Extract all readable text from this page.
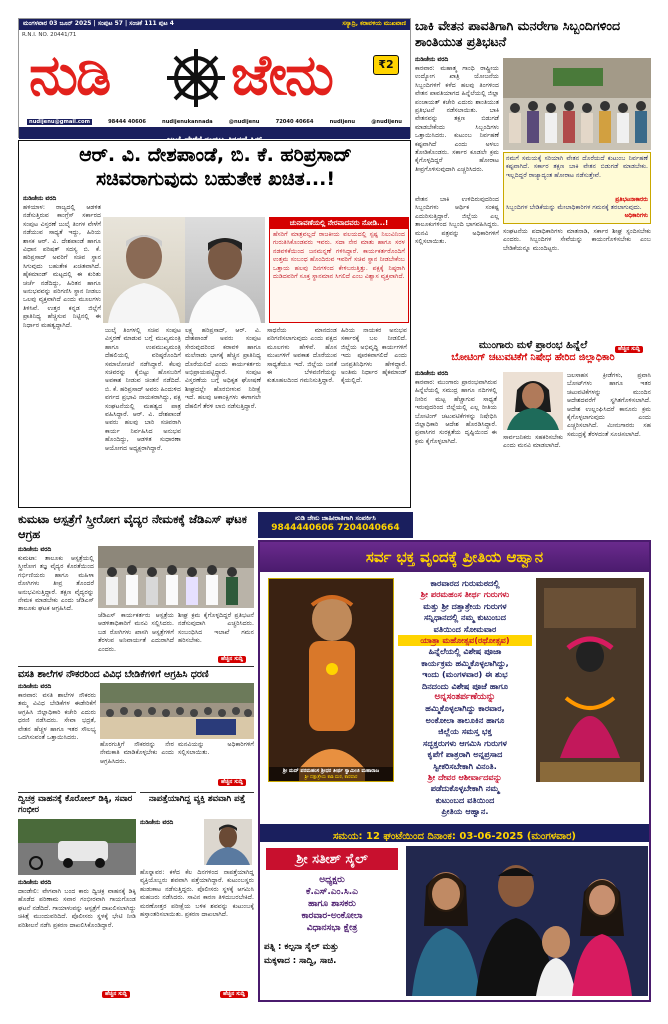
ಮಂಗಳವಾರ 03 ಜೂನ್ 2025 | ಸಂಪುಟ 57 | ಸಂಚಿಕೆ 111 ಪುಟ 4	ಸಸ್ಯಾದ್ರಿ, ಕರಾವಳಿಯ ಮುಖವಾಣಿ
R.N.I. NO. 20441/71
ನುಡಿ ಜೇನು	₹2
nudijenu@gmail.com	98444 40606	nudijenukannada	@nudijenu	72040 40664	nudijenu	@nudijenu
ಜುಲೈ ವೇಳೆಗೆ ಸಂಪುಟ ವಿಸ್ತರಣೆ ಫಿಕ್ಸ್
ಆರ್. ವಿ. ದೇಶಪಾಂಡೆ, ಬಿ. ಕೆ. ಹರಿಪ್ರಸಾದ್
ಸಚಿವರಾಗುವುದು ಬಹುತೇಕ ಖಚಿತ...!
ನುಡಿಜೇನು ವರದಿ
ಹಳಿಯಾಳ: ರಾಜ್ಯದಲ್ಲಿ ಆಡಳಿತ ನಡೆಸುತ್ತಿರುವ ಕಾಂಗ್ರೆಸ್ ಸರ್ಕಾರದ ಸಂಪುಟ ವಿಸ್ತರಣೆ ಜುಲೈ ತಿಂಗಳ ವೇಳೆಗೆ ನಡೆಯುವ ಸಾಧ್ಯತೆ ಇದ್ದು, ಹಿರಿಯ ಶಾಸಕ ಆರ್. ವಿ. ದೇಶಪಾಂಡೆ ಹಾಗೂ ವಿಧಾನ ಪರಿಷತ್ ಸದಸ್ಯ ಬಿ. ಕೆ. ಹರಿಪ್ರಸಾದ್ ಅವರಿಗೆ ಸಚಿವ ಸ್ಥಾನ ಸಿಗುವುದು ಬಹುತೇಕ ಖಚಿತವಾಗಿದೆ. ಹೈಕಮಾಂಡ್ ಮಟ್ಟದಲ್ಲಿ ಈ ಕುರಿತು ಚರ್ಚೆ ನಡೆದಿದ್ದು, ಹಿರಿತನ ಹಾಗೂ ಅನುಭವವನ್ನು ಪರಿಗಣಿಸಿ ಸ್ಥಾನ ನೀಡಲು ಒಲವು ವ್ಯಕ್ತವಾಗಿದೆ ಎಂದು ಮೂಲಗಳು ತಿಳಿಸಿವೆ. ಉತ್ತರ ಕನ್ನಡ ಜಿಲ್ಲೆಗೆ ಪ್ರಾತಿನಿಧ್ಯ ಹೆಚ್ಚಿಸುವ ನಿಟ್ಟಿನಲ್ಲಿ ಈ ನಿರ್ಧಾರ ಮಹತ್ವದ್ದಾಗಿದೆ.
ಚುನಾವಣೆಯಲ್ಲಿ ನೇರವಾದವರು ನೋಡಿ...!
ಹೆಸರಿಗೆ ಮಾತ್ರವಲ್ಲದೆ ರಾಜಕೀಯ ವಲಯದಲ್ಲಿ ಸ್ಪಷ್ಟ ನಿಲುವಿನಿಂದ ಗುರುತಿಸಿಕೊಂಡವರು ಇವರು. ಸದಾ ನೇರ ಮಾತು ಹಾಗೂ ಸರಳ ನಡವಳಿಕೆಯಿಂದ ಜನಮನ್ನಣೆ ಗಳಿಸಿದ್ದಾರೆ. ಕಾರ್ಯಕರ್ತರೊಂದಿಗೆ ಉತ್ತಮ ಸಂಬಂಧ ಹೊಂದಿರುವ ಇವರಿಗೆ ಸಚಿವ ಸ್ಥಾನ ನೀಡಬೇಕೆಂಬ ಒತ್ತಾಯ ಹಲವು ದಿನಗಳಿಂದ ಕೇಳಿಬರುತ್ತಿತ್ತು. ಪಕ್ಷಕ್ಕೆ ನಿಷ್ಠರಾಗಿ ದುಡಿದವರಿಗೆ ಸೂಕ್ತ ಸ್ಥಾನಮಾನ ಸಿಗಲಿದೆ ಎಂಬ ವಿಶ್ವಾಸ ವ್ಯಕ್ತವಾಗಿದೆ.
ಜುಲೈ ತಿಂಗಳಲ್ಲಿ ಸಚಿವ ಸಂಪುಟ ವಿಸ್ತರಣೆ ಮಾಡುವ ಬಗ್ಗೆ ಮುಖ್ಯಮಂತ್ರಿ ಹಾಗೂ ಉಪಮುಖ್ಯಮಂತ್ರಿ ದೆಹಲಿಯಲ್ಲಿ ವರಿಷ್ಠರೊಂದಿಗೆ ಸಮಾಲೋಚನೆ ನಡೆಸಿದ್ದಾರೆ. ಕೆಲವು ಸಚಿವರನ್ನು ಕೈಬಿಟ್ಟು ಹೊಸಬರಿಗೆ ಅವಕಾಶ ನೀಡುವ ಚಿಂತನೆ ನಡೆದಿದೆ. ಬಿ. ಕೆ. ಹರಿಪ್ರಸಾದ್ ಅವರು ಹಿಂದುಳಿದ ವರ್ಗದ ಪ್ರಭಾವಿ ನಾಯಕರಾಗಿದ್ದು, ಪಕ್ಷ ಸಂಘಟನೆಯಲ್ಲಿ ಮಹತ್ವದ ಪಾತ್ರ ವಹಿಸಿದ್ದಾರೆ. ಆರ್. ವಿ. ದೇಶಪಾಂಡೆ ಅವರು ಹಲವು ಬಾರಿ ಸಚಿವರಾಗಿ ಕಾರ್ಯ ನಿರ್ವಹಿಸಿದ ಅನುಭವ ಹೊಂದಿದ್ದು, ಆಡಳಿತ ಸುಧಾರಣಾ ಆಯೋಗದ ಅಧ್ಯಕ್ಷರಾಗಿದ್ದಾರೆ.
ಲಕ್ಷ್ಯ ಹರಿಪ್ರಸಾದ್, ಆರ್. ವಿ. ದೇಶಪಾಂಡೆ ಅವರು ಸಂಪುಟ ಸೇರುವುದರಿಂದ ಕರಾವಳಿ ಹಾಗೂ ಮಲೆನಾಡು ಭಾಗಕ್ಕೆ ಹೆಚ್ಚಿನ ಪ್ರಾತಿನಿಧ್ಯ ದೊರೆಯಲಿದೆ ಎಂದು ಕಾರ್ಯಕರ್ತರು ಅಭಿಪ್ರಾಯಪಟ್ಟಿದ್ದಾರೆ. ಸಂಪುಟ ವಿಸ್ತರಣೆಯ ಬಗ್ಗೆ ಅಧಿಕೃತ ಘೋಷಣೆ ಶೀಘ್ರದಲ್ಲೇ ಹೊರಬೀಳುವ ನಿರೀಕ್ಷೆ ಇದೆ. ಹಲವು ಆಕಾಂಕ್ಷಿಗಳು ಈಗಾಗಲೇ ದೆಹಲಿಗೆ ತೆರಳಿ ಲಾಬಿ ನಡೆಸುತ್ತಿದ್ದಾರೆ.
ಸಾಧನೆಯ ಮಾನದಂಡ ಪರಿಗಣಿಸಲಾಗುವುದು ಎಂದು ಪಕ್ಷದ ಮೂಲಗಳು ಹೇಳಿವೆ. ಹೊಸ ಮುಖಗಳಿಗೆ ಅವಕಾಶ ದೊರೆಯುವ ಸಾಧ್ಯತೆಯೂ ಇದೆ. ಜಿಲ್ಲೆಯ ಜನತೆ ಈ ಬೆಳವಣಿಗೆಯನ್ನು ಕುತೂಹಲದಿಂದ ಗಮನಿಸುತ್ತಿದ್ದಾರೆ.
ಹಿರಿಯ ನಾಯಕರ ಅನುಭವ ಸರ್ಕಾರಕ್ಕೆ ಬಲ ನೀಡಲಿದೆ. ಜಿಲ್ಲೆಯ ಅಭಿವೃದ್ಧಿ ಕಾರ್ಯಗಳಿಗೆ ಇದು ಪೂರಕವಾಗಲಿದೆ ಎಂದು ಜನಪ್ರತಿನಿಧಿಗಳು ಹೇಳಿದ್ದಾರೆ. ಅಂತಿಮ ನಿರ್ಧಾರ ಹೈಕಮಾಂಡ್ ಕೈಯಲ್ಲಿದೆ.
ಬಾಕಿ ವೇತನ ಪಾವತಿಗಾಗಿ ಮನರೇಗಾ ಸಿಬ್ಬಂದಿಗಳಿಂದ ಶಾಂತಿಯುತ ಪ್ರತಿಭಟನೆ
ನುಡಿಜೇನು ವರದಿ
ಕಾರವಾರ: ಮಹಾತ್ಮ ಗಾಂಧಿ ರಾಷ್ಟ್ರೀಯ ಉದ್ಯೋಗ ಖಾತ್ರಿ ಯೋಜನೆಯ ಸಿಬ್ಬಂದಿಗಳಿಗೆ ಕಳೆದ ಹಲವು ತಿಂಗಳಿಂದ ವೇತನ ಪಾವತಿಯಾಗದ ಹಿನ್ನೆಲೆಯಲ್ಲಿ ಜಿಲ್ಲಾ ಪಂಚಾಯತ್ ಕಚೇರಿ ಎದುರು ಶಾಂತಿಯುತ ಪ್ರತಿಭಟನೆ ನಡೆಸಲಾಯಿತು. ಬಾಕಿ ವೇತನವನ್ನು ತಕ್ಷಣ ಬಿಡುಗಡೆ ಮಾಡಬೇಕೆಂದು ಸಿಬ್ಬಂದಿಗಳು ಒತ್ತಾಯಿಸಿದರು. ಕುಟುಂಬ ನಿರ್ವಹಣೆ ಕಷ್ಟವಾಗಿದೆ ಎಂದು ಅಳಲು ತೋಡಿಕೊಂಡರು. ಸರ್ಕಾರ ಕೂಡಲೇ ಕ್ರಮ ಕೈಗೊಳ್ಳದಿದ್ದರೆ ಹೋರಾಟ ತೀವ್ರಗೊಳಿಸುವುದಾಗಿ ಎಚ್ಚರಿಸಿದರು.
ನಮಗೆ ಸಮಯಕ್ಕೆ ಸರಿಯಾಗಿ ವೇತನ ದೊರೆಯದೆ ಕುಟುಂಬ ನಿರ್ವಹಣೆ ಕಷ್ಟವಾಗಿದೆ. ಸರ್ಕಾರ ತಕ್ಷಣ ಬಾಕಿ ವೇತನ ಬಿಡುಗಡೆ ಮಾಡಬೇಕು. ಇಲ್ಲದಿದ್ದರೆ ರಾಜ್ಯಾದ್ಯಂತ ಹೋರಾಟ ನಡೆಸುತ್ತೇವೆ.
ಪ್ರತಿಭಟನಾಕಾರರು
ಸಿಬ್ಬಂದಿಗಳ ಬೇಡಿಕೆಯನ್ನು ಮೇಲಾಧಿಕಾರಿಗಳ ಗಮನಕ್ಕೆ ತರಲಾಗುವುದು.
ಅಧಿಕಾರಿಗಳು
ವೇತನ ಬಾಕಿ ಉಳಿದಿರುವುದರಿಂದ ಸಿಬ್ಬಂದಿಗಳು ಆರ್ಥಿಕ ಸಂಕಷ್ಟ ಎದುರಿಸುತ್ತಿದ್ದಾರೆ. ಜಿಲ್ಲೆಯ ಎಲ್ಲ ತಾಲೂಕುಗಳಿಂದ ಸಿಬ್ಬಂದಿ ಭಾಗವಹಿಸಿದ್ದರು. ಮನವಿ ಪತ್ರವನ್ನು ಅಧಿಕಾರಿಗಳಿಗೆ ಸಲ್ಲಿಸಲಾಯಿತು.
ಸಂಘಟನೆಯ ಪದಾಧಿಕಾರಿಗಳು ಮಾತನಾಡಿ, ಸರ್ಕಾರ ಶೀಘ್ರ ಸ್ಪಂದಿಸಬೇಕು ಎಂದರು. ಸಿಬ್ಬಂದಿಗಳ ಸೇವೆಯನ್ನು ಕಾಯಂಗೊಳಿಸಬೇಕು ಎಂಬ ಬೇಡಿಕೆಯನ್ನೂ ಮುಂದಿಟ್ಟರು.
ಹೆಚ್ಚಿನ ಸುದ್ದಿ
ಮುಂಗಾರು ಮಳೆ ಪ್ರಾರಂಭ ಹಿನ್ನೆಲೆ
ಬೋಟಿಂಗ್ ಚಟುವಟಿಕೆಗೆ ನಿಷೇಧ ಹೇರಿದ ಜಿಲ್ಲಾಧಿಕಾರಿ
ನುಡಿಜೇನು ವರದಿ
ಕಾರವಾರ: ಮುಂಗಾರು ಪ್ರಾರಂಭವಾಗಿರುವ ಹಿನ್ನೆಲೆಯಲ್ಲಿ ಸಮುದ್ರ ಹಾಗೂ ನದಿಗಳಲ್ಲಿ ನೀರಿನ ಮಟ್ಟ ಹೆಚ್ಚಾಗುವ ಸಾಧ್ಯತೆ ಇರುವುದರಿಂದ ಜಿಲ್ಲೆಯಲ್ಲಿ ಎಲ್ಲ ರೀತಿಯ ಬೋಟಿಂಗ್ ಚಟುವಟಿಕೆಗಳನ್ನು ನಿಷೇಧಿಸಿ ಜಿಲ್ಲಾಧಿಕಾರಿ ಆದೇಶ ಹೊರಡಿಸಿದ್ದಾರೆ. ಪ್ರವಾಸಿಗರ ಸುರಕ್ಷತೆಯ ದೃಷ್ಟಿಯಿಂದ ಈ ಕ್ರಮ ಕೈಗೊಳ್ಳಲಾಗಿದೆ.
ಜಲಸಾಹಸ ಕ್ರೀಡೆಗಳು, ಪ್ರವಾಸಿ ಬೋಟ್‌ಗಳು ಹಾಗೂ ಇತರ ಚಟುವಟಿಕೆಗಳನ್ನು ಮುಂದಿನ ಆದೇಶದವರೆಗೆ ಸ್ಥಗಿತಗೊಳಿಸಲಾಗಿದೆ. ಆದೇಶ ಉಲ್ಲಂಘಿಸಿದರೆ ಕಾನೂನು ಕ್ರಮ ಕೈಗೊಳ್ಳಲಾಗುವುದು ಎಂದು ಎಚ್ಚರಿಸಲಾಗಿದೆ. ಮೀನುಗಾರರು ಸಹ ಸಮುದ್ರಕ್ಕೆ ತೆರಳದಂತೆ ಸೂಚಿಸಲಾಗಿದೆ.
ಸಾರ್ವಜನಿಕರು ಸಹಕರಿಸಬೇಕು ಎಂದು ಮನವಿ ಮಾಡಲಾಗಿದೆ.
ಕುಮಟಾ ಆಸ್ಪತ್ರೆಗೆ ಸ್ತ್ರೀರೋಗ ವೈದ್ಯರ ನೇಮಕಕ್ಕೆ ಜೆಡಿಎಸ್ ಘಟಕ ಆಗ್ರಹ
ನುಡಿಜೇನು ವರದಿ
ಕುಮಟಾ: ತಾಲೂಕು ಆಸ್ಪತ್ರೆಯಲ್ಲಿ ಸ್ತ್ರೀರೋಗ ತಜ್ಞ ವೈದ್ಯರ ಕೊರತೆಯಿಂದ ಗರ್ಭಿಣಿಯರು ಹಾಗೂ ಮಹಿಳಾ ರೋಗಿಗಳು ತೀವ್ರ ತೊಂದರೆ ಅನುಭವಿಸುತ್ತಿದ್ದಾರೆ. ತಕ್ಷಣ ವೈದ್ಯರನ್ನು ನೇಮಕ ಮಾಡಬೇಕು ಎಂದು ಜೆಡಿಎಸ್ ತಾಲೂಕು ಘಟಕ ಆಗ್ರಹಿಸಿದೆ.
ಜೆಡಿಎಸ್ ಕಾರ್ಯಕರ್ತರು ಆಸ್ಪತ್ರೆಯ ಆಡಳಿತಾಧಿಕಾರಿಗೆ ಮನವಿ ಸಲ್ಲಿಸಿದರು. ಬಡ ರೋಗಿಗಳು ಖಾಸಗಿ ಆಸ್ಪತ್ರೆಗಳಿಗೆ ತೆರಳುವ ಅನಿವಾರ್ಯತೆ ಎದುರಾಗಿದೆ ಎಂದರು.
ಶೀಘ್ರ ಕ್ರಮ ಕೈಗೊಳ್ಳದಿದ್ದರೆ ಪ್ರತಿಭಟನೆ ನಡೆಸುವುದಾಗಿ ಎಚ್ಚರಿಸಿದರು. ಸಂಬಂಧಿಸಿದ ಇಲಾಖೆ ಗಮನ ಹರಿಸಬೇಕು.
ಹೆಚ್ಚಿನ ಸುದ್ದಿ
ವಸತಿ ಶಾಲೆಗಳ ನೌಕರರಿಂದ ವಿವಿಧ ಬೇಡಿಕೆಗಳಿಗೆ ಆಗ್ರಹಿಸಿ ಧರಣಿ
ನುಡಿಜೇನು ವರದಿ
ಕಾರವಾರ: ವಸತಿ ಶಾಲೆಗಳ ನೌಕರರು ತಮ್ಮ ವಿವಿಧ ಬೇಡಿಕೆಗಳ ಈಡೇರಿಕೆಗೆ ಆಗ್ರಹಿಸಿ ಜಿಲ್ಲಾಧಿಕಾರಿ ಕಚೇರಿ ಎದುರು ಧರಣಿ ನಡೆಸಿದರು. ಸೇವಾ ಭದ್ರತೆ, ವೇತನ ಹೆಚ್ಚಳ ಹಾಗೂ ಇತರ ಸೌಲಭ್ಯ ಒದಗಿಸುವಂತೆ ಒತ್ತಾಯಿಸಿದರು.
ಹೊರಗುತ್ತಿಗೆ ನೌಕರರನ್ನು ನೇರ ನೇಮಕಾತಿ ಮಾಡಿಕೊಳ್ಳಬೇಕು ಎಂದು ಆಗ್ರಹಿಸಿದರು.
ಮನವಿಯನ್ನು ಅಧಿಕಾರಿಗಳಿಗೆ ಸಲ್ಲಿಸಲಾಯಿತು.
ಹೆಚ್ಚಿನ ಸುದ್ದಿ
ದ್ವಿಚಕ್ರ ವಾಹನಕ್ಕೆ ಕೊರೋಲ್ ಡಿಕ್ಕಿ, ಸವಾರ ಗಂಭೀರ
ನುಡಿಜೇನು ವರದಿ
ದಾಂಡೇಲಿ: ವೇಗವಾಗಿ ಬಂದ ಕಾರು ದ್ವಿಚಕ್ರ ವಾಹನಕ್ಕೆ ಡಿಕ್ಕಿ ಹೊಡೆದ ಪರಿಣಾಮ ಸವಾರ ಗಂಭೀರವಾಗಿ ಗಾಯಗೊಂಡ ಘಟನೆ ನಡೆದಿದೆ. ಗಾಯಾಳುವನ್ನು ಆಸ್ಪತ್ರೆಗೆ ದಾಖಲಿಸಲಾಗಿದ್ದು ಚಿಕಿತ್ಸೆ ಮುಂದುವರಿದಿದೆ. ಪೊಲೀಸರು ಸ್ಥಳಕ್ಕೆ ಭೇಟಿ ನೀಡಿ ಪರಿಶೀಲನೆ ನಡೆಸಿ ಪ್ರಕರಣ ದಾಖಲಿಸಿಕೊಂಡಿದ್ದಾರೆ.
ಹೆಚ್ಚಿನ ಸುದ್ದಿ
ನಾಪತ್ತೆಯಾಗಿದ್ದ ವ್ಯಕ್ತಿ ಶವವಾಗಿ ಪತ್ತೆ
ನುಡಿಜೇನು ವರದಿ
ಹೊನ್ನಾವರ: ಕಳೆದ ಕೆಲ ದಿನಗಳಿಂದ ನಾಪತ್ತೆಯಾಗಿದ್ದ ವ್ಯಕ್ತಿಯೊಬ್ಬರು ಶವವಾಗಿ ಪತ್ತೆಯಾಗಿದ್ದಾರೆ. ಕುಟುಂಬಸ್ಥರು ಹುಡುಕಾಟ ನಡೆಸುತ್ತಿದ್ದರು. ಪೊಲೀಸರು ಸ್ಥಳಕ್ಕೆ ಆಗಮಿಸಿ ಮಹಜರು ನಡೆಸಿದರು. ಸಾವಿನ ಕಾರಣ ತಿಳಿದುಬರಬೇಕಿದೆ. ಮರಣೋತ್ತರ ಪರೀಕ್ಷೆಯ ಬಳಿಕ ಶವವನ್ನು ಕುಟುಂಬಕ್ಕೆ ಹಸ್ತಾಂತರಿಸಲಾಯಿತು. ಪ್ರಕರಣ ದಾಖಲಾಗಿದೆ.
ಹೆಚ್ಚಿನ ಸುದ್ದಿ
ನುಡಿ ಜೇನು ಜಾಹೀರಾತಿಗಾಗಿ ಸಂಪರ್ಕಿಸಿ
9844440606 7204040664
ಸರ್ವ ಭಕ್ತ ವೃಂದಕ್ಕೆ ಪ್ರೀತಿಯ ಆಹ್ವಾನ
ಶ್ರೀ ಮದ್ ಪರಮಹಂಸ ಶ್ರೀಧರ ತೀರ್ಥ ಸ್ವಾಮೀಜಿ ಮಹಾರಾಜ
ಶ್ರೀ ದತ್ತಾತ್ರೇಯ ಕಾಶಿ ಮಠ, ಕಾರವಾರ
ಕಾರವಾರದ ಗುರುಮಠದಲ್ಲಿ
ಶ್ರೀ ಪರಮಹಂಸ ತೀರ್ಥ ಗುರುಗಳು
ಮತ್ತು ಶ್ರೀ ದತ್ತಾತ್ರೇಯ ಗುರುಗಳ
ಸನ್ನಿಧಾನದಲ್ಲಿ ನಮ್ಮ ಕುಟುಂಬದ
ವತಿಯಿಂದ ಸೋಮವಾರ
ಯಾತ್ರಾ ಮಹೋತ್ಸವ(ರಥೋತ್ಸವ)
ಹಿನ್ನೆಲೆಯಲ್ಲಿ ವಿಶೇಷ ಪೂಜಾ
ಕಾರ್ಯಕ್ರಮ ಹಮ್ಮಿಕೊಳ್ಳಲಾಗಿದ್ದು,
ಇಂದು (ಮಂಗಳವಾರ) ಈ ಶುಭ
ದಿನದಂದು ವಿಶೇಷ ಪೂಜೆ ಹಾಗೂ
ಅನ್ನಸಂತರ್ಪಣೆಯನ್ನು
ಹಮ್ಮಿಕೊಳ್ಳಲಾಗಿದ್ದು ಕಾರವಾರ,
ಅಂಕೋಲಾ ತಾಲೂಕಿನ ಹಾಗೂ
ಜಿಲ್ಲೆಯ ಸಮಸ್ತ ಭಕ್ತ
ಸದ್ಭಕ್ತರುಗಳು ಆಗಮಿಸಿ ಗುರುಗಳ
ಕೃಪೆಗೆ ಪಾತ್ರರಾಗಿ ಅನ್ನಪ್ರಸಾದ
ಸ್ವೀಕರಿಸಬೇಕಾಗಿ ವಿನಂತಿ.
ಶ್ರೀ ದೇವರ ಆಶೀರ್ವಾದವನ್ನು
ಪಡೆದುಕೊಳ್ಳಬೇಕಾಗಿ ನಮ್ಮ
ಕುಟುಂಬದ ವತಿಯಿಂದ
ಪ್ರೀತಿಯ ಆಹ್ವಾನ.
ಸಮಯ: 12 ಘಂಟೆಯಿಂದ ದಿನಾಂಕ: 03-06-2025 (ಮಂಗಳವಾರ)
ಶ್ರೀ ಸತೀಶ್ ಸೈಲ್
ಅಧ್ಯಕ್ಷರು
ಕೆ.ಎಸ್.ಎಂ.ಸಿ.ಎ
ಹಾಗೂ ಶಾಸಕರು
ಕಾರವಾರ-ಅಂಕೋಲಾ
ವಿಧಾನಸಭಾ ಕ್ಷೇತ್ರ
ಪತ್ನಿ : ಕಲ್ಪನಾ ಸೈಲ್ ಮತ್ತು
ಮಕ್ಕಳಾದ : ಸಾದ್ವಿ, ಸಾಚಿ.
